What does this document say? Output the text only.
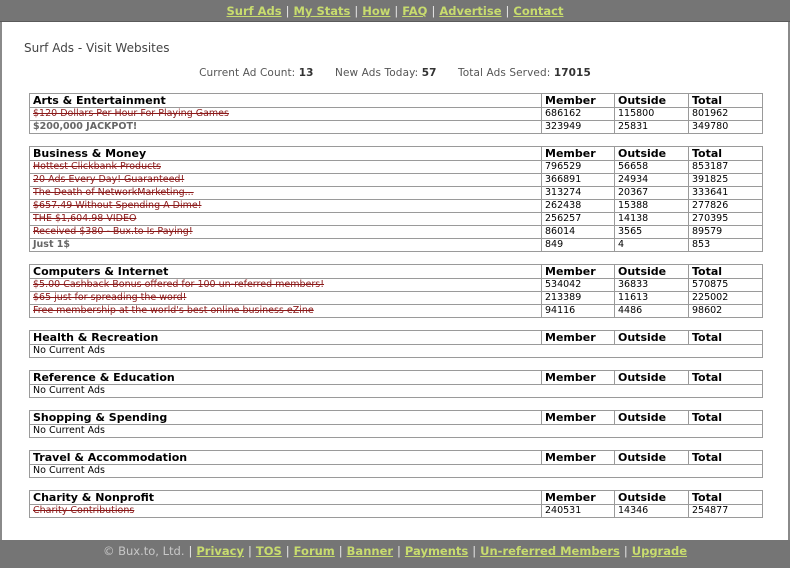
Surf Ads | My Stats | How | FAQ | Advertise | Contact
Surf Ads - Visit Websites
Current Ad Count: 13 New Ads Today: 57 Total Ads Served: 17015
Arts & Entertainment	Member	Outside	Total
$120 Dollars Per Hour For Playing Games	686162	115800	801962
$200,000 JACKPOT!	323949	25831	349780
Business & Money	Member	Outside	Total
Hottest Clickbank Products	796529	56658	853187
20 Ads Every Day! Guaranteed!	366891	24934	391825
The Death of NetworkMarketing...	313274	20367	333641
$657.49 Without Spending A Dime!	262438	15388	277826
THE $1,604.98 VIDEO	256257	14138	270395
Received $380 - Bux.to Is Paying!	86014	3565	89579
Just 1$	849	4	853
Computers & Internet	Member	Outside	Total
$5.00 Cashback Bonus offered for 100 un-referred members!	534042	36833	570875
$65 just for spreading the word!	213389	11613	225002
Free membership at the world's best online business eZine	94116	4486	98602
Health & Recreation	Member	Outside	Total
No Current Ads
Reference & Education	Member	Outside	Total
No Current Ads
Shopping & Spending	Member	Outside	Total
No Current Ads
Travel & Accommodation	Member	Outside	Total
No Current Ads
Charity & Nonprofit	Member	Outside	Total
Charity Contributions	240531	14346	254877
© Bux.to, Ltd. | Privacy | TOS | Forum | Banner | Payments | Un-referred Members | Upgrade
